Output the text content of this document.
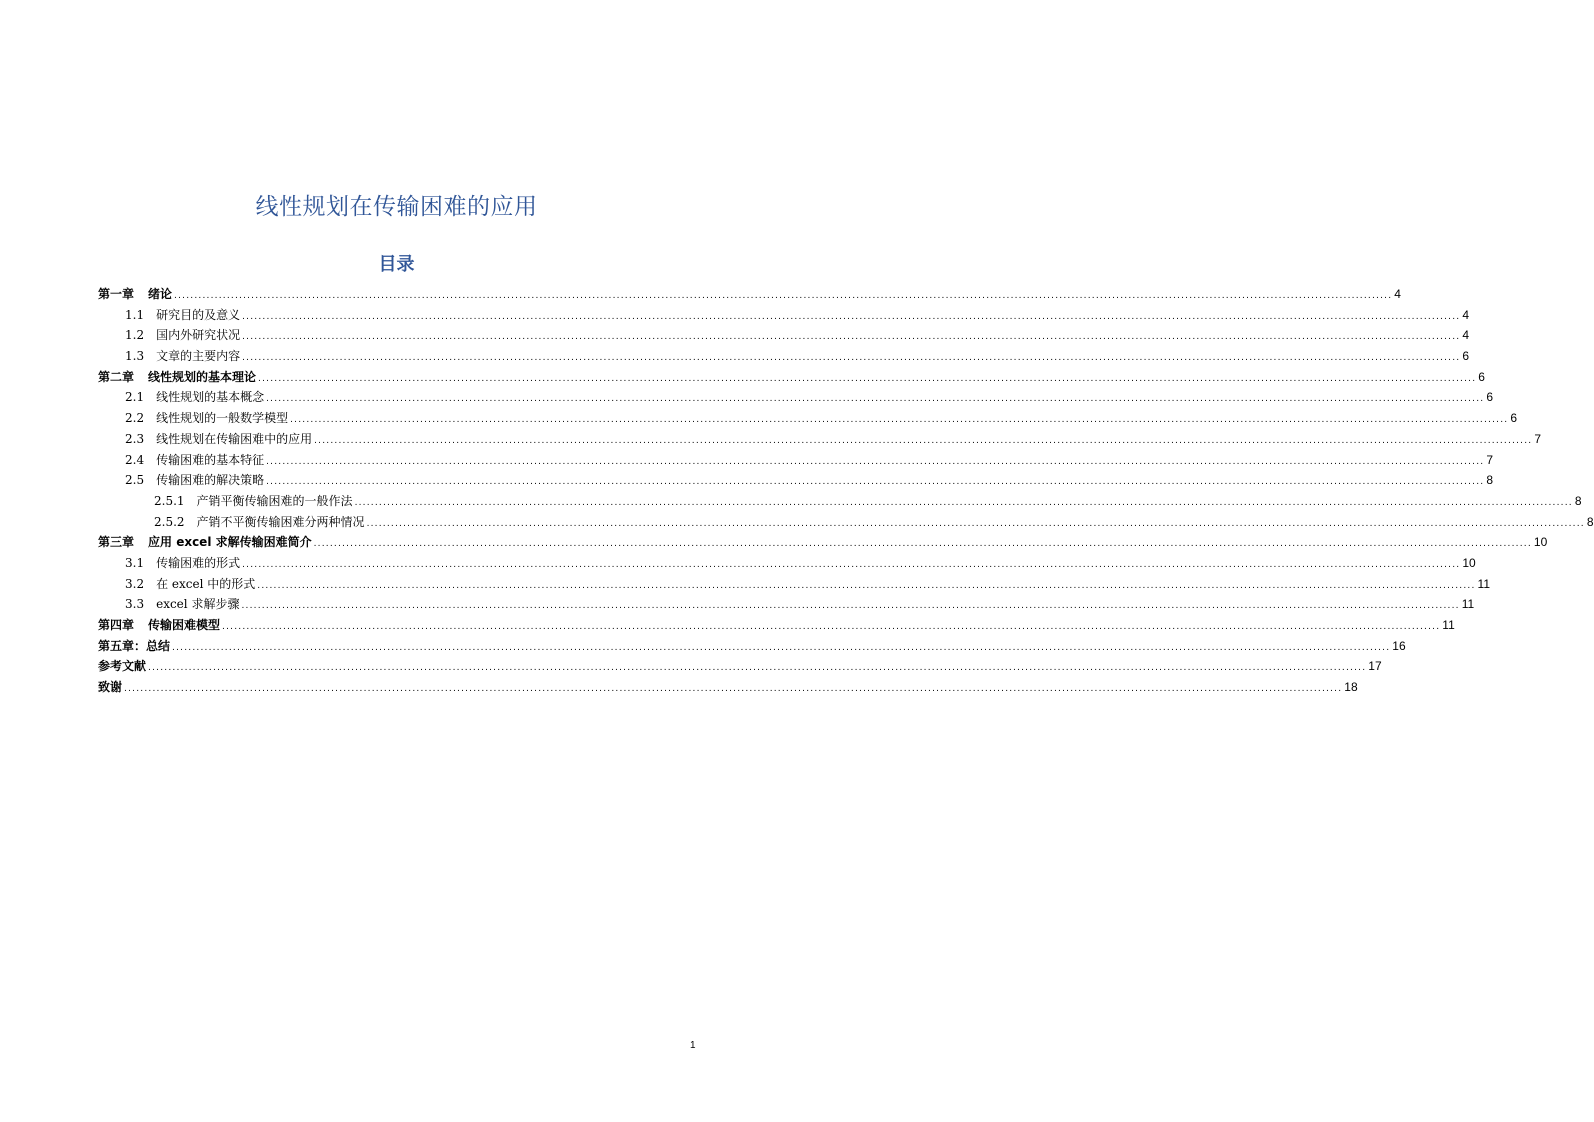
线性规划在传输困难的应用
目录
第一章 绪论 ............................................................................................................................................................................................................................................................................................................ 4
1.1 研究目的及意义 ............................................................................................................................................................................................................................................................................................................ 4
1.2 国内外研究状况 ............................................................................................................................................................................................................................................................................................................ 4
1.3 文章的主要内容 ............................................................................................................................................................................................................................................................................................................ 6
第二章 线性规划的基本理论 ............................................................................................................................................................................................................................................................................................................ 6
2.1 线性规划的基本概念 ............................................................................................................................................................................................................................................................................................................ 6
2.2 线性规划的一般数学模型 ............................................................................................................................................................................................................................................................................................................ 6
2.3 线性规划在传输困难中的应用 ............................................................................................................................................................................................................................................................................................................ 7
2.4 传输困难的基本特征 ............................................................................................................................................................................................................................................................................................................ 7
2.5 传输困难的解决策略 ............................................................................................................................................................................................................................................................................................................ 8
2.5.1 产销平衡传输困难的一般作法 ............................................................................................................................................................................................................................................................................................................ 8
2.5.2 产销不平衡传输困难分两种情况 ............................................................................................................................................................................................................................................................................................................ 8
第三章 应用 excel 求解传输困难简介 ............................................................................................................................................................................................................................................................................................................ 10
3.1 传输困难的形式 ............................................................................................................................................................................................................................................................................................................ 10
3.2 在 excel 中的形式 ............................................................................................................................................................................................................................................................................................................ 11
3.3 excel 求解步骤 ............................................................................................................................................................................................................................................................................................................ 11
第四章 传输困难模型 ............................................................................................................................................................................................................................................................................................................ 11
第五章：总结 ............................................................................................................................................................................................................................................................................................................ 16
参考文献 ............................................................................................................................................................................................................................................................................................................ 17
致谢 ............................................................................................................................................................................................................................................................................................................ 18
1
